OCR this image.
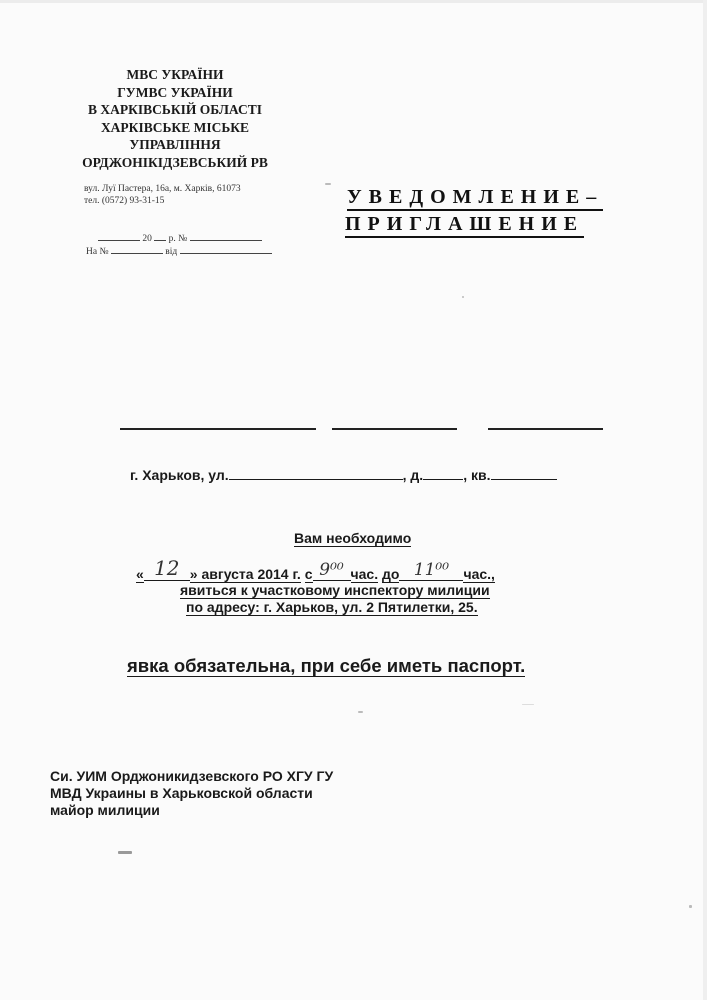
МВС УКРАЇНИ
ГУМВС УКРАЇНИ
В ХАРКІВСЬКІЙ ОБЛАСТІ
ХАРКІВСЬКЕ МІСЬКЕ
УПРАВЛІННЯ
ОРДЖОНІКІДЗЕВСЬКИЙ РВ
вул. Луї Пастера, 16а, м. Харків, 61073
тел. (0572) 93-31-15
20 р. №
На №	від
УВЕДОМЛЕНИЕ–
ПРИГЛАШЕНИЕ
г. Харьков, ул.	, д.	, кв.
Вам необходимо
« 12 » августа 2014 г. с 9⁰⁰ час. до 11⁰⁰ час.,
явиться к участковому инспектору милиции
по адресу: г. Харьков, ул. 2 Пятилетки, 25.
явка обязательна, при себе иметь паспорт.
Си. УИМ Орджоникидзевского РО ХГУ ГУ
МВД Украины в Харьковской области
майор милиции
